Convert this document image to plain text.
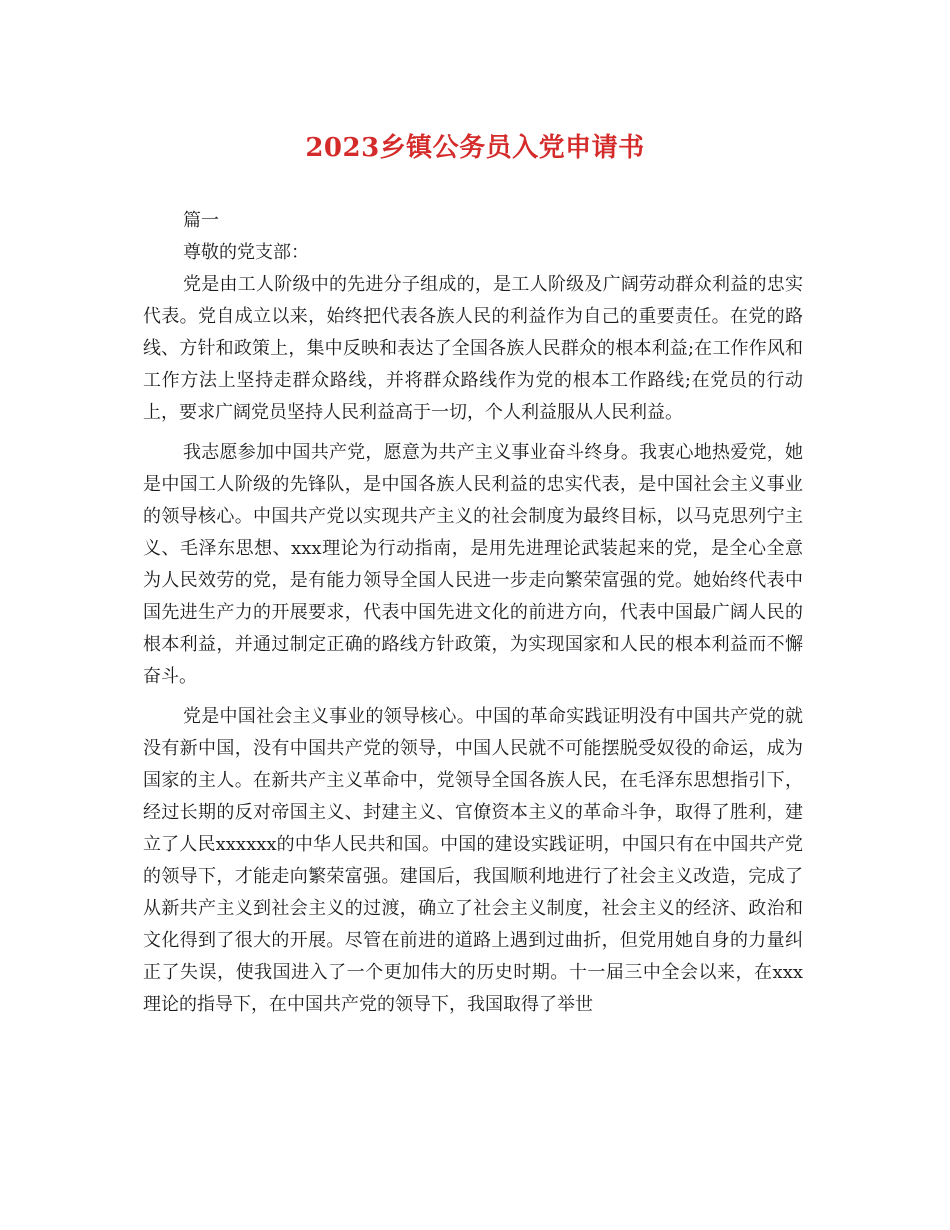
2023乡镇公务员入党申请书

篇一

尊敬的党支部：

党是由工人阶级中的先进分子组成的，是工人阶级及广阔劳动群众利益的忠实代表。党自成立以来，始终把代表各族人民的利益作为自己的重要责任。在党的路线、方针和政策上，集中反映和表达了全国各族人民群众的根本利益;在工作作风和工作方法上坚持走群众路线，并将群众路线作为党的根本工作路线;在党员的行动上，要求广阔党员坚持人民利益高于一切，个人利益服从人民利益。

我志愿参加中国共产党，愿意为共产主义事业奋斗终身。我衷心地热爱党，她是中国工人阶级的先锋队，是中国各族人民利益的忠实代表，是中国社会主义事业的领导核心。中国共产党以实现共产主义的社会制度为最终目标，以马克思列宁主义、毛泽东思想、xxx理论为行动指南，是用先进理论武装起来的党，是全心全意为人民效劳的党，是有能力领导全国人民进一步走向繁荣富强的党。她始终代表中国先进生产力的开展要求，代表中国先进文化的前进方向，代表中国最广阔人民的根本利益，并通过制定正确的路线方针政策，为实现国家和人民的根本利益而不懈奋斗。

党是中国社会主义事业的领导核心。中国的革命实践证明没有中国共产党的就没有新中国，没有中国共产党的领导，中国人民就不可能摆脱受奴役的命运，成为国家的主人。在新共产主义革命中，党领导全国各族人民，在毛泽东思想指引下，经过长期的反对帝国主义、封建主义、官僚资本主义的革命斗争，取得了胜利，建立了人民xxxxxx的中华人民共和国。中国的建设实践证明，中国只有在中国共产党的领导下，才能走向繁荣富强。建国后，我国顺利地进行了社会主义改造，完成了从新共产主义到社会主义的过渡，确立了社会主义制度，社会主义的经济、政治和文化得到了很大的开展。尽管在前进的道路上遇到过曲折，但党用她自身的力量纠正了失误，使我国进入了一个更加伟大的历史时期。十一届三中全会以来，在xxx理论的指导下，在中国共产党的领导下，我国取得了举世
